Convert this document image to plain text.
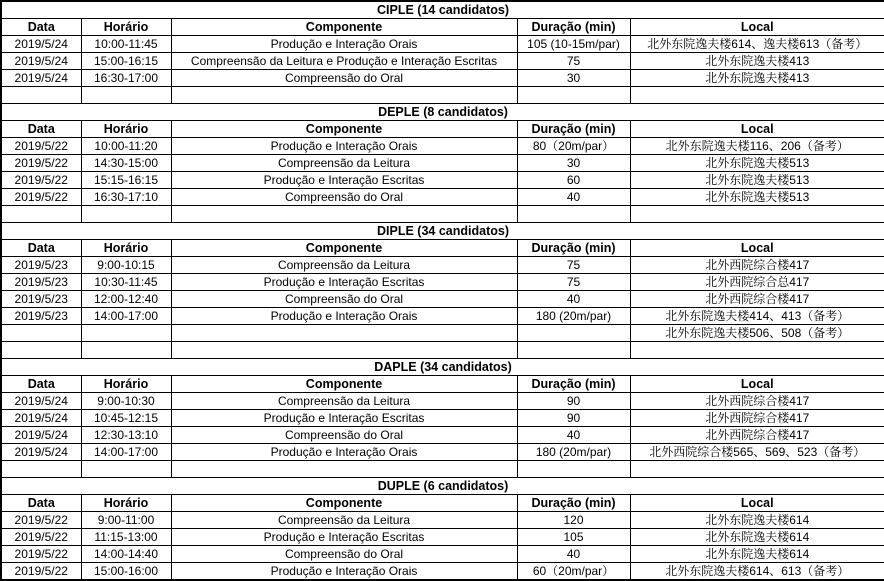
CIPLE (14 candidatos)				
Data	Horário	Componente	Duração (min)	Local
2019/5/24	10:00-11:45	Produção e Interação Orais	105 (10-15m/par)	北外东院逸夫楼614、逸夫楼613（备考）
2019/5/24	15:00-16:15	Compreensão da Leitura e Produção e Interação Escritas	75	北外东院逸夫楼413
2019/5/24	16:30-17:00	Compreensão do Oral	30	北外东院逸夫楼413

DEPLE (8 candidatos)				
Data	Horário	Componente	Duração (min)	Local
2019/5/22	10:00-11:20	Produção e Interação Orais	80（20m/par）	北外东院逸夫楼116、206（备考）
2019/5/22	14:30-15:00	Compreensão da Leitura	30	北外东院逸夫楼513
2019/5/22	15:15-16:15	Produção e Interação Escritas	60	北外东院逸夫楼513
2019/5/22	16:30-17:10	Compreensão do Oral	40	北外东院逸夫楼513

DIPLE (34 candidatos)				
Data	Horário	Componente	Duração (min)	Local
2019/5/23	9:00-10:15	Compreensão da Leitura	75	北外西院综合楼417
2019/5/23	10:30-11:45	Produção e Interação Escritas	75	北外西院综合总417
2019/5/23	12:00-12:40	Compreensão do Oral	40	北外西院综合楼417
2019/5/23	14:00-17:00	Produção e Interação Orais	180 (20m/par)	北外东院逸夫楼414、413（备考）
				北外东院逸夫楼506、508（备考）

DAPLE (34 candidatos)				
Data	Horário	Componente	Duração (min)	Local
2019/5/24	9:00-10:30	Compreensão da Leitura	90	北外西院综合楼417
2019/5/24	10:45-12:15	Produção e Interação Escritas	90	北外西院综合楼417
2019/5/24	12:30-13:10	Compreensão do Oral	40	北外西院综合楼417
2019/5/24	14:00-17:00	Produção e Interação Orais	180 (20m/par)	北外西院综合楼565、569、523（备考）

DUPLE (6 candidatos)				
Data	Horário	Componente	Duração (min)	Local
2019/5/22	9:00-11:00	Compreensão da Leitura	120	北外东院逸夫楼614
2019/5/22	11:15-13:00	Produção e Interação Escritas	105	北外东院逸夫楼614
2019/5/22	14:00-14:40	Compreensão do Oral	40	北外东院逸夫楼614
2019/5/22	15:00-16:00	Produção e Interação Orais	60（20m/par）	北外东院逸夫楼614、613（备考）
